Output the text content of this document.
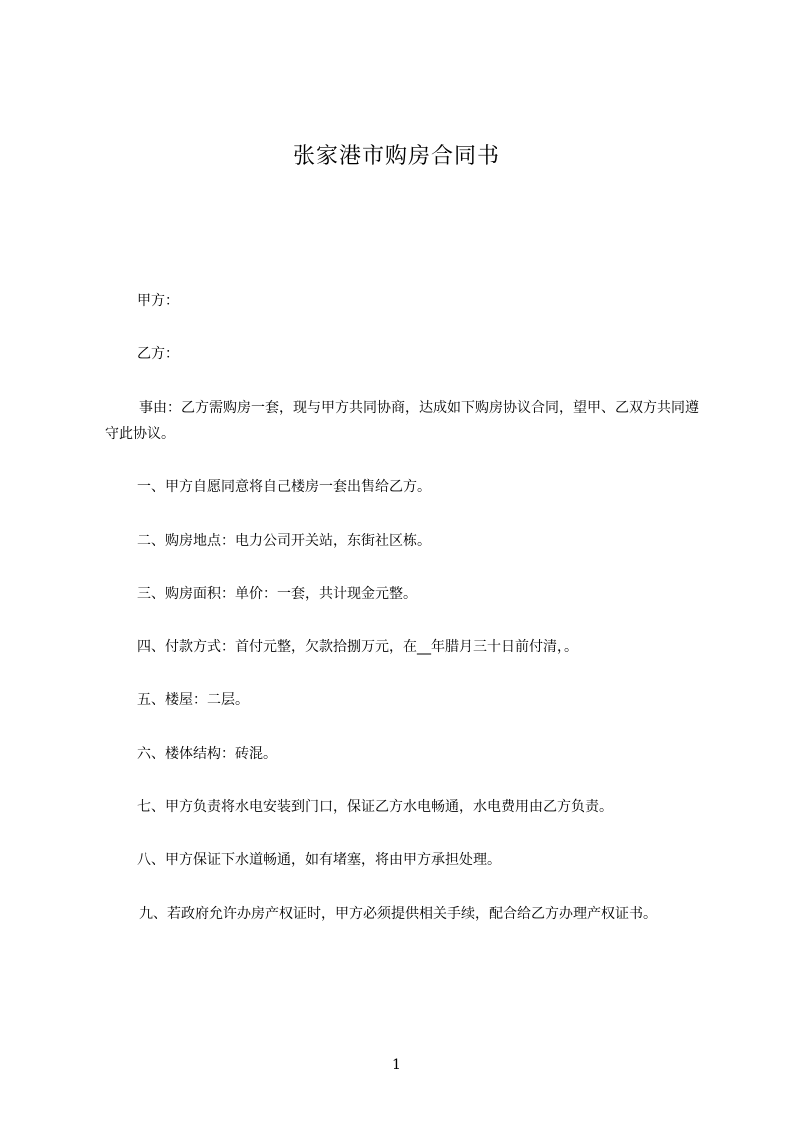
张家港市购房合同书

甲方：

乙方：

事由：乙方需购房一套，现与甲方共同协商，达成如下购房协议合同，望甲、乙双方共同遵守此协议。

一、甲方自愿同意将自己楼房一套出售给乙方。

二、购房地点：电力公司开关站，东街社区栋。

三、购房面积：单价：一套，共计现金元整。

四、付款方式：首付元整，欠款拾捌万元，在__年腊月三十日前付清，。

五、楼屋：二层。

六、楼体结构：砖混。

七、甲方负责将水电安装到门口，保证乙方水电畅通，水电费用由乙方负责。

八、甲方保证下水道畅通，如有堵塞，将由甲方承担处理。

九、若政府允许办房产权证时，甲方必须提供相关手续，配合给乙方办理产权证书。

1
